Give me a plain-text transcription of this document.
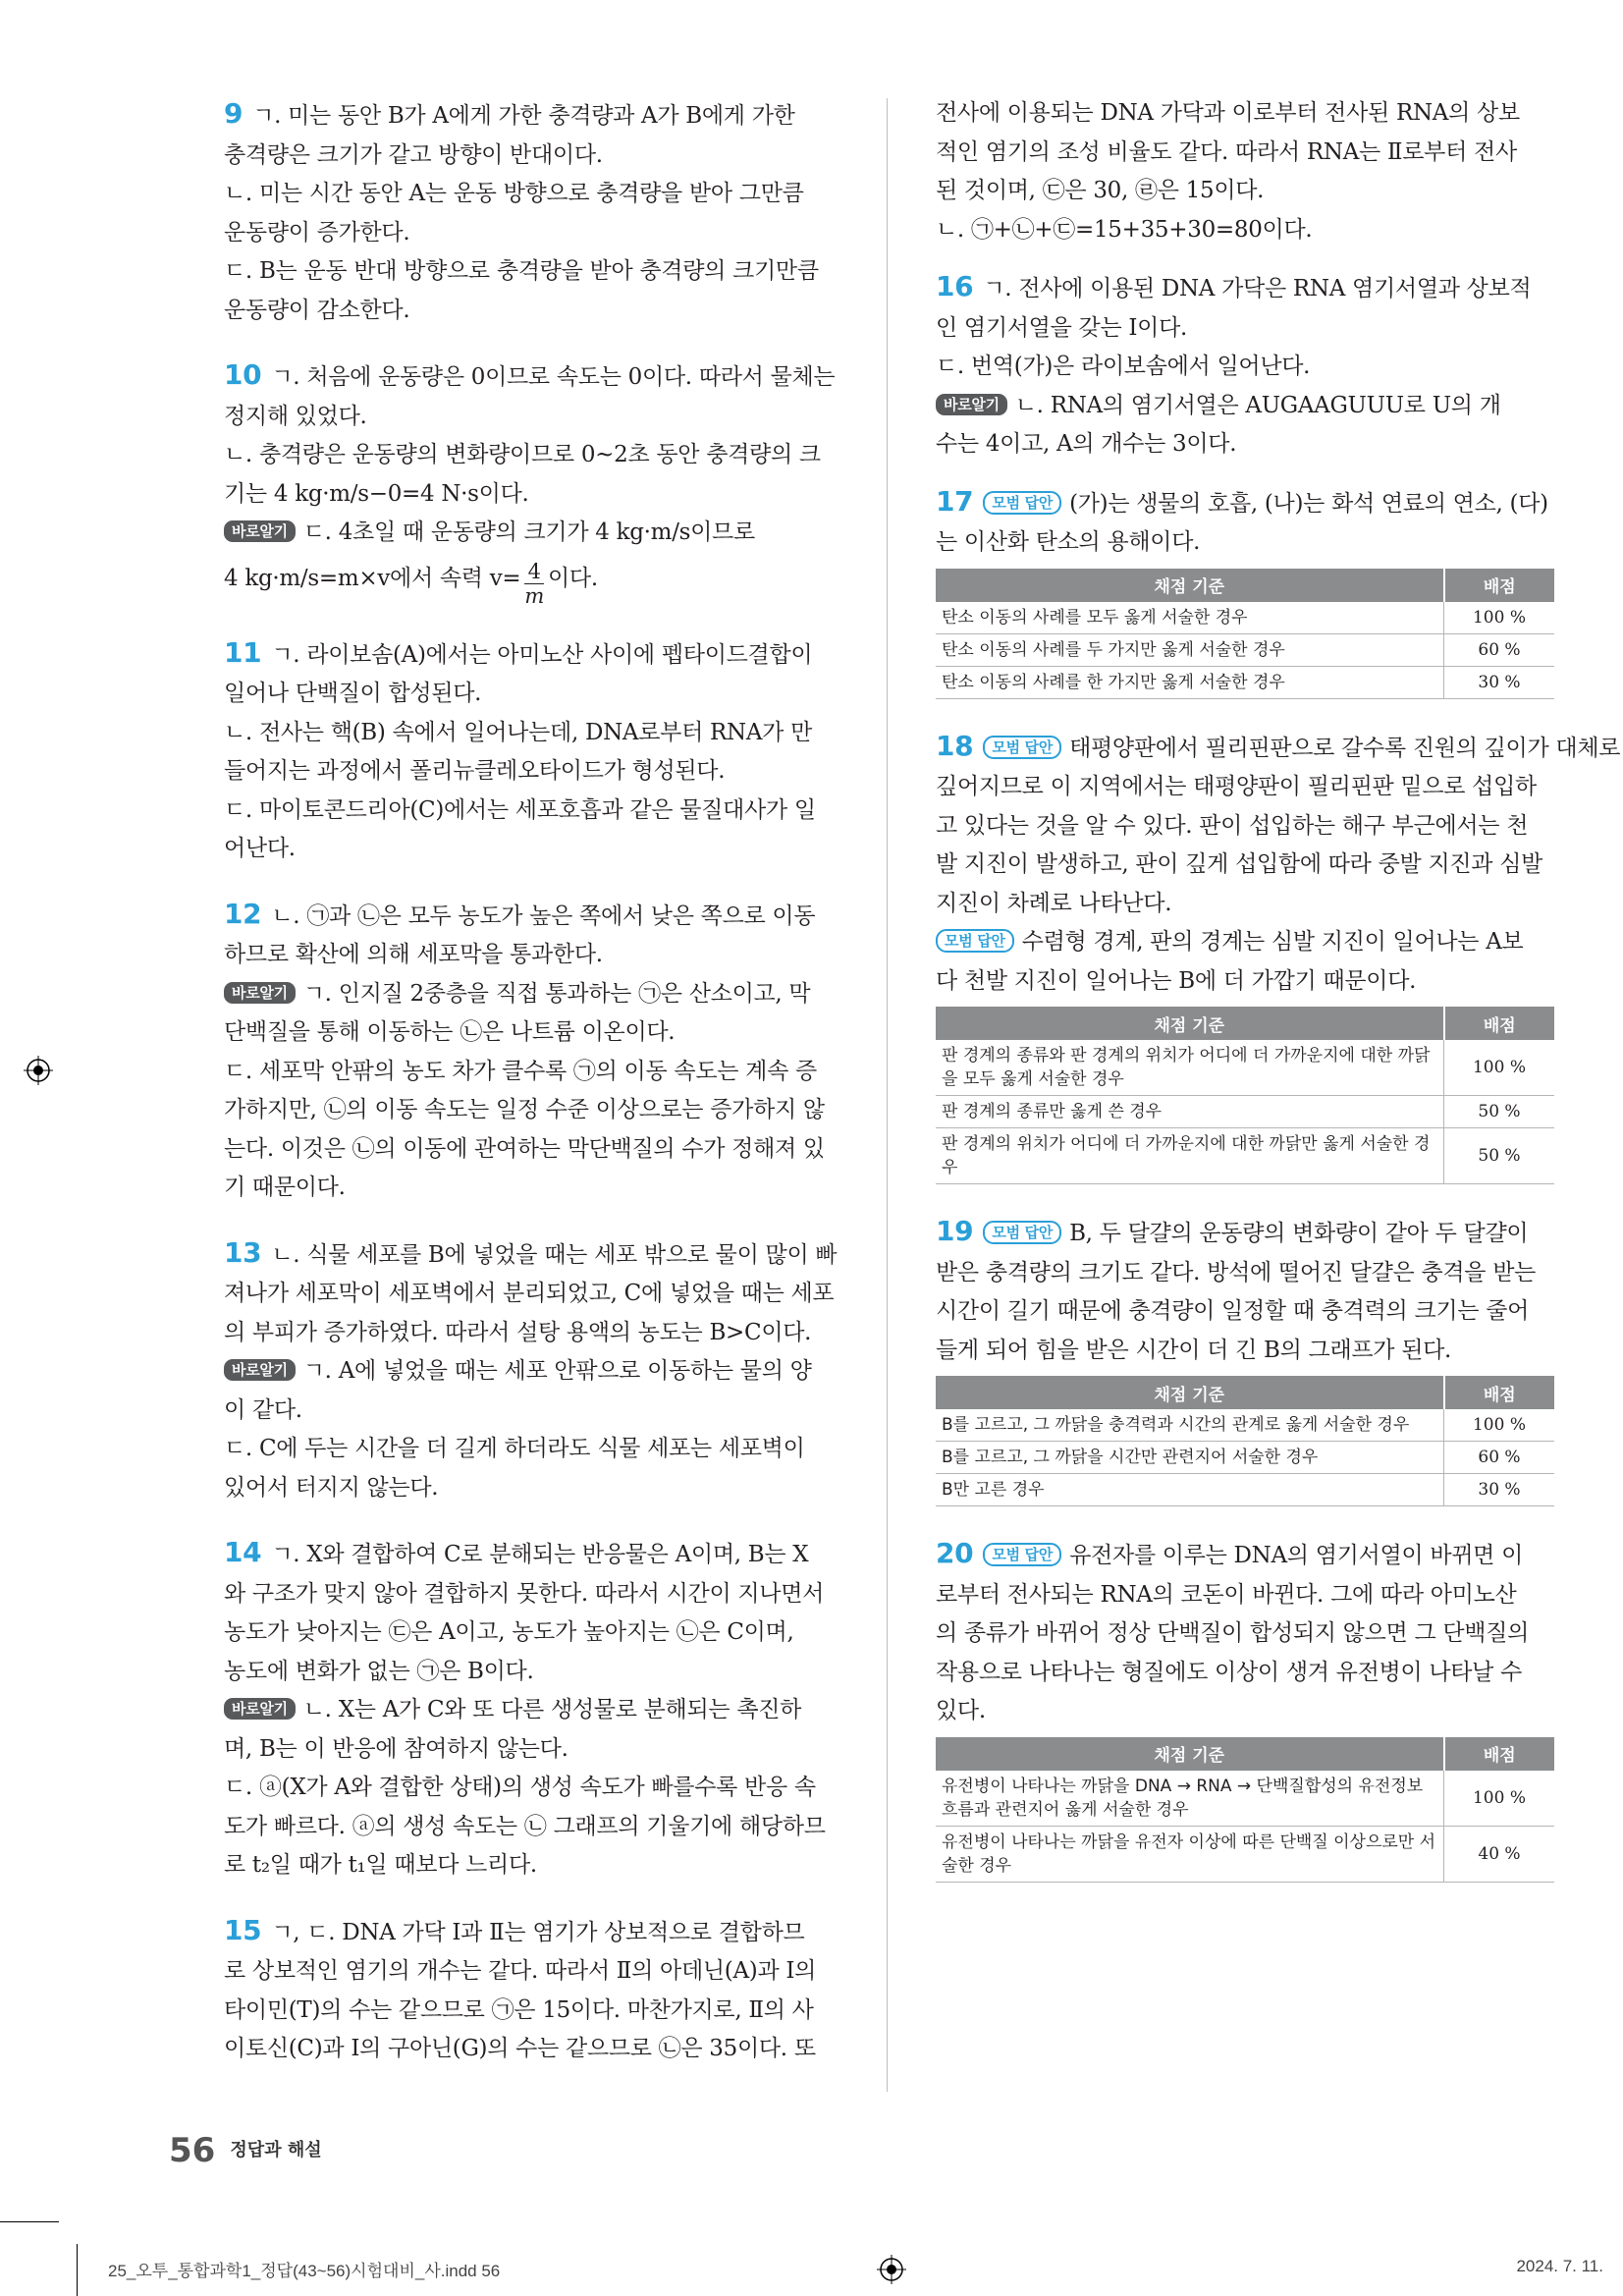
9 ㄱ. 미는 동안 B가 A에게 가한 충격량과 A가 B에게 가한
충격량은 크기가 같고 방향이 반대이다.
ㄴ. 미는 시간 동안 A는 운동 방향으로 충격량을 받아 그만큼
운동량이 증가한다.
ㄷ. B는 운동 반대 방향으로 충격량을 받아 충격량의 크기만큼
운동량이 감소한다.
10 ㄱ. 처음에 운동량은 0이므로 속도는 0이다. 따라서 물체는
정지해 있었다.
ㄴ. 충격량은 운동량의 변화량이므로 0~2초 동안 충격량의 크
기는 4 kg·m/s−0=4 N·s이다.
바로알기 ㄷ. 4초일 때 운동량의 크기가 4 kg·m/s이므로
4 kg·m/s=m×v에서 속력 $v= \frac{4}{m}$ 이다.
11 ㄱ. 라이보솜(A)에서는 아미노산 사이에 펩타이드결합이
일어나 단백질이 합성된다.
ㄴ. 전사는 핵(B) 속에서 일어나는데, DNA로부터 RNA가 만
들어지는 과정에서 폴리뉴클레오타이드가 형성된다.
ㄷ. 마이토콘드리아(C)에서는 세포호흡과 같은 물질대사가 일
어난다.
12 ㄴ. ㉠과 ㉡은 모두 농도가 높은 쪽에서 낮은 쪽으로 이동
하므로 확산에 의해 세포막을 통과한다.
바로알기 ㄱ. 인지질 2중층을 직접 통과하는 ㉠은 산소이고, 막
단백질을 통해 이동하는 ㉡은 나트륨 이온이다.
ㄷ. 세포막 안팎의 농도 차가 클수록 ㉠의 이동 속도는 계속 증
가하지만, ㉡의 이동 속도는 일정 수준 이상으로는 증가하지 않
는다. 이것은 ㉡의 이동에 관여하는 막단백질의 수가 정해져 있
기 때문이다.
13 ㄴ. 식물 세포를 B에 넣었을 때는 세포 밖으로 물이 많이 빠
져나가 세포막이 세포벽에서 분리되었고, C에 넣었을 때는 세포
의 부피가 증가하였다. 따라서 설탕 용액의 농도는 B>C이다.
바로알기 ㄱ. A에 넣었을 때는 세포 안팎으로 이동하는 물의 양
이 같다.
ㄷ. C에 두는 시간을 더 길게 하더라도 식물 세포는 세포벽이
있어서 터지지 않는다.
14 ㄱ. X와 결합하여 C로 분해되는 반응물은 A이며, B는 X
와 구조가 맞지 않아 결합하지 못한다. 따라서 시간이 지나면서
농도가 낮아지는 ㉢은 A이고, 농도가 높아지는 ㉡은 C이며,
농도에 변화가 없는 ㉠은 B이다.
바로알기 ㄴ. X는 A가 C와 또 다른 생성물로 분해되는 촉진하
며, B는 이 반응에 참여하지 않는다.
ㄷ. ⓐ(X가 A와 결합한 상태)의 생성 속도가 빠를수록 반응 속
도가 빠르다. ⓐ의 생성 속도는 ㉡ 그래프의 기울기에 해당하므
로 t₂일 때가 t₁일 때보다 느리다.
15 ㄱ, ㄷ. DNA 가닥 Ⅰ과 Ⅱ는 염기가 상보적으로 결합하므
로 상보적인 염기의 개수는 같다. 따라서 Ⅱ의 아데닌(A)과 Ⅰ의
타이민(T)의 수는 같으므로 ㉠은 15이다. 마찬가지로, Ⅱ의 사
이토신(C)과 Ⅰ의 구아닌(G)의 수는 같으므로 ㉡은 35이다. 또
전사에 이용되는 DNA 가닥과 이로부터 전사된 RNA의 상보
적인 염기의 조성 비율도 같다. 따라서 RNA는 Ⅱ로부터 전사
된 것이며, ㉢은 30, ㉣은 15이다.
ㄴ. ㉠+㉡+㉢=15+35+30=80이다.
16 ㄱ. 전사에 이용된 DNA 가닥은 RNA 염기서열과 상보적
인 염기서열을 갖는 Ⅰ이다.
ㄷ. 번역(가)은 라이보솜에서 일어난다.
바로알기 ㄴ. RNA의 염기서열은 AUGAAGUUU로 U의 개
수는 4이고, A의 개수는 3이다.
17 모범 답안 (가)는 생물의 호흡, (나)는 화석 연료의 연소, (다)
는 이산화 탄소의 용해이다.
채점 기준	배점
탄소 이동의 사례를 모두 옳게 서술한 경우	100 %
탄소 이동의 사례를 두 가지만 옳게 서술한 경우	60 %
탄소 이동의 사례를 한 가지만 옳게 서술한 경우	30 %
18 모범 답안 태평양판에서 필리핀판으로 갈수록 진원의 깊이가 대체로
깊어지므로 이 지역에서는 태평양판이 필리핀판 밑으로 섭입하
고 있다는 것을 알 수 있다. 판이 섭입하는 해구 부근에서는 천
발 지진이 발생하고, 판이 깊게 섭입함에 따라 중발 지진과 심발
지진이 차례로 나타난다.
모범 답안 수렴형 경계, 판의 경계는 심발 지진이 일어나는 A보
다 천발 지진이 일어나는 B에 더 가깝기 때문이다.
채점 기준	배점
판 경계의 종류와 판 경계의 위치가 어디에 더 가까운지에 대한 까닭을 모두 옳게 서술한 경우	100 %
판 경계의 종류만 옳게 쓴 경우	50 %
판 경계의 위치가 어디에 더 가까운지에 대한 까닭만 옳게 서술한 경우	50 %
19 모범 답안 B, 두 달걀의 운동량의 변화량이 같아 두 달걀이
받은 충격량의 크기도 같다. 방석에 떨어진 달걀은 충격을 받는
시간이 길기 때문에 충격량이 일정할 때 충격력의 크기는 줄어
들게 되어 힘을 받은 시간이 더 긴 B의 그래프가 된다.
채점 기준	배점
B를 고르고, 그 까닭을 충격력과 시간의 관계로 옳게 서술한 경우	100 %
B를 고르고, 그 까닭을 시간만 관련지어 서술한 경우	60 %
B만 고른 경우	30 %
20 모범 답안 유전자를 이루는 DNA의 염기서열이 바뀌면 이
로부터 전사되는 RNA의 코돈이 바뀐다. 그에 따라 아미노산
의 종류가 바뀌어 정상 단백질이 합성되지 않으면 그 단백질의
작용으로 나타나는 형질에도 이상이 생겨 유전병이 나타날 수
있다.
채점 기준	배점
유전병이 나타나는 까닭을 DNA → RNA → 단백질합성의 유전정보 흐름과 관련지어 옳게 서술한 경우	100 %
유전병이 나타나는 까닭을 유전자 이상에 따른 단백질 이상으로만 서술한 경우	40 %
56 정답과 해설
25_오투_통합과학1_정답(43~56)시험대비_사.indd 56	2024. 7. 11.
